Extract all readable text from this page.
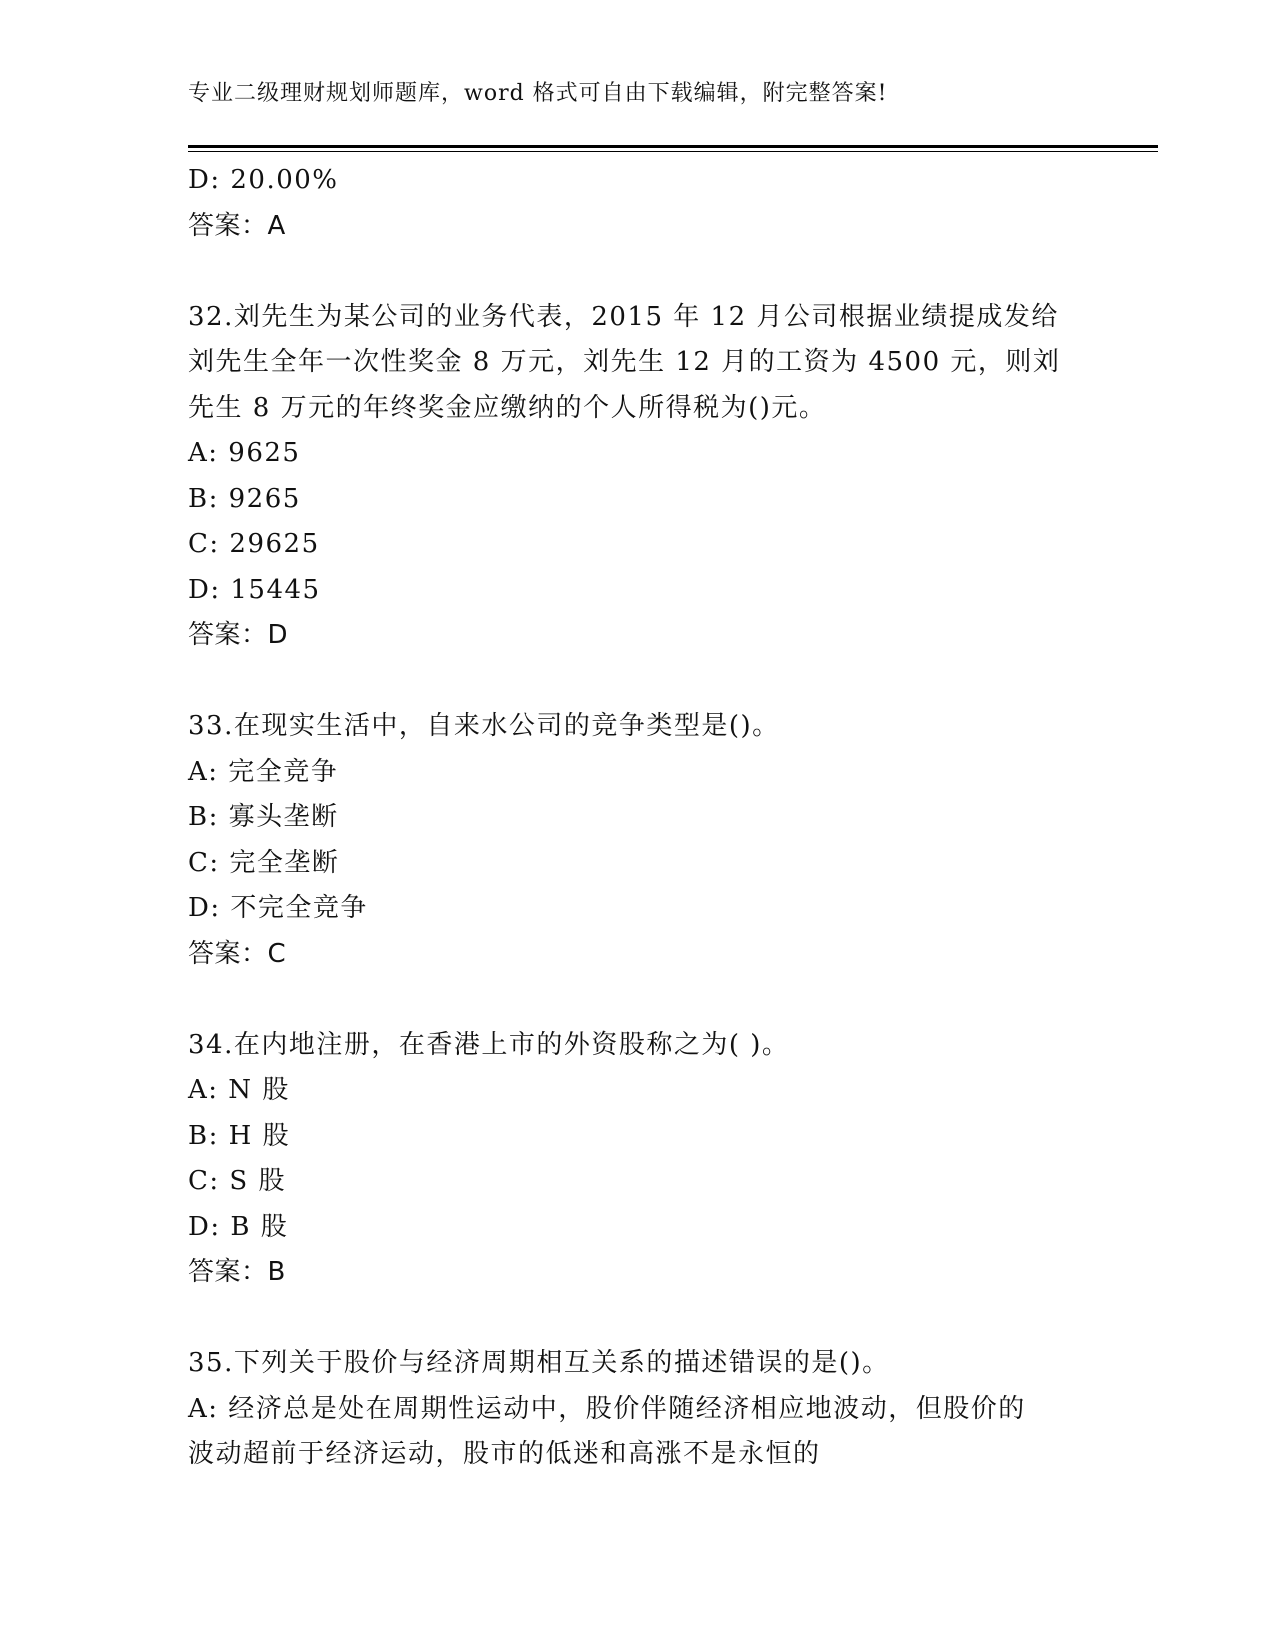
专业二级理财规划师题库，word 格式可自由下载编辑，附完整答案!
D: 20.00%
答案：A
32.刘先生为某公司的业务代表，2015 年 12 月公司根据业绩提成发给
刘先生全年一次性奖金 8 万元，刘先生 12 月的工资为 4500 元，则刘
先生 8 万元的年终奖金应缴纳的个人所得税为()元。
A: 9625
B: 9265
C: 29625
D: 15445
答案：D
33.在现实生活中，自来水公司的竞争类型是()。
A: 完全竞争
B: 寡头垄断
C: 完全垄断
D: 不完全竞争
答案：C
34.在内地注册，在香港上市的外资股称之为( )。
A: N 股
B: H 股
C: S 股
D: B 股
答案：B
35.下列关于股价与经济周期相互关系的描述错误的是()。
A: 经济总是处在周期性运动中，股价伴随经济相应地波动，但股价的
波动超前于经济运动，股市的低迷和高涨不是永恒的
